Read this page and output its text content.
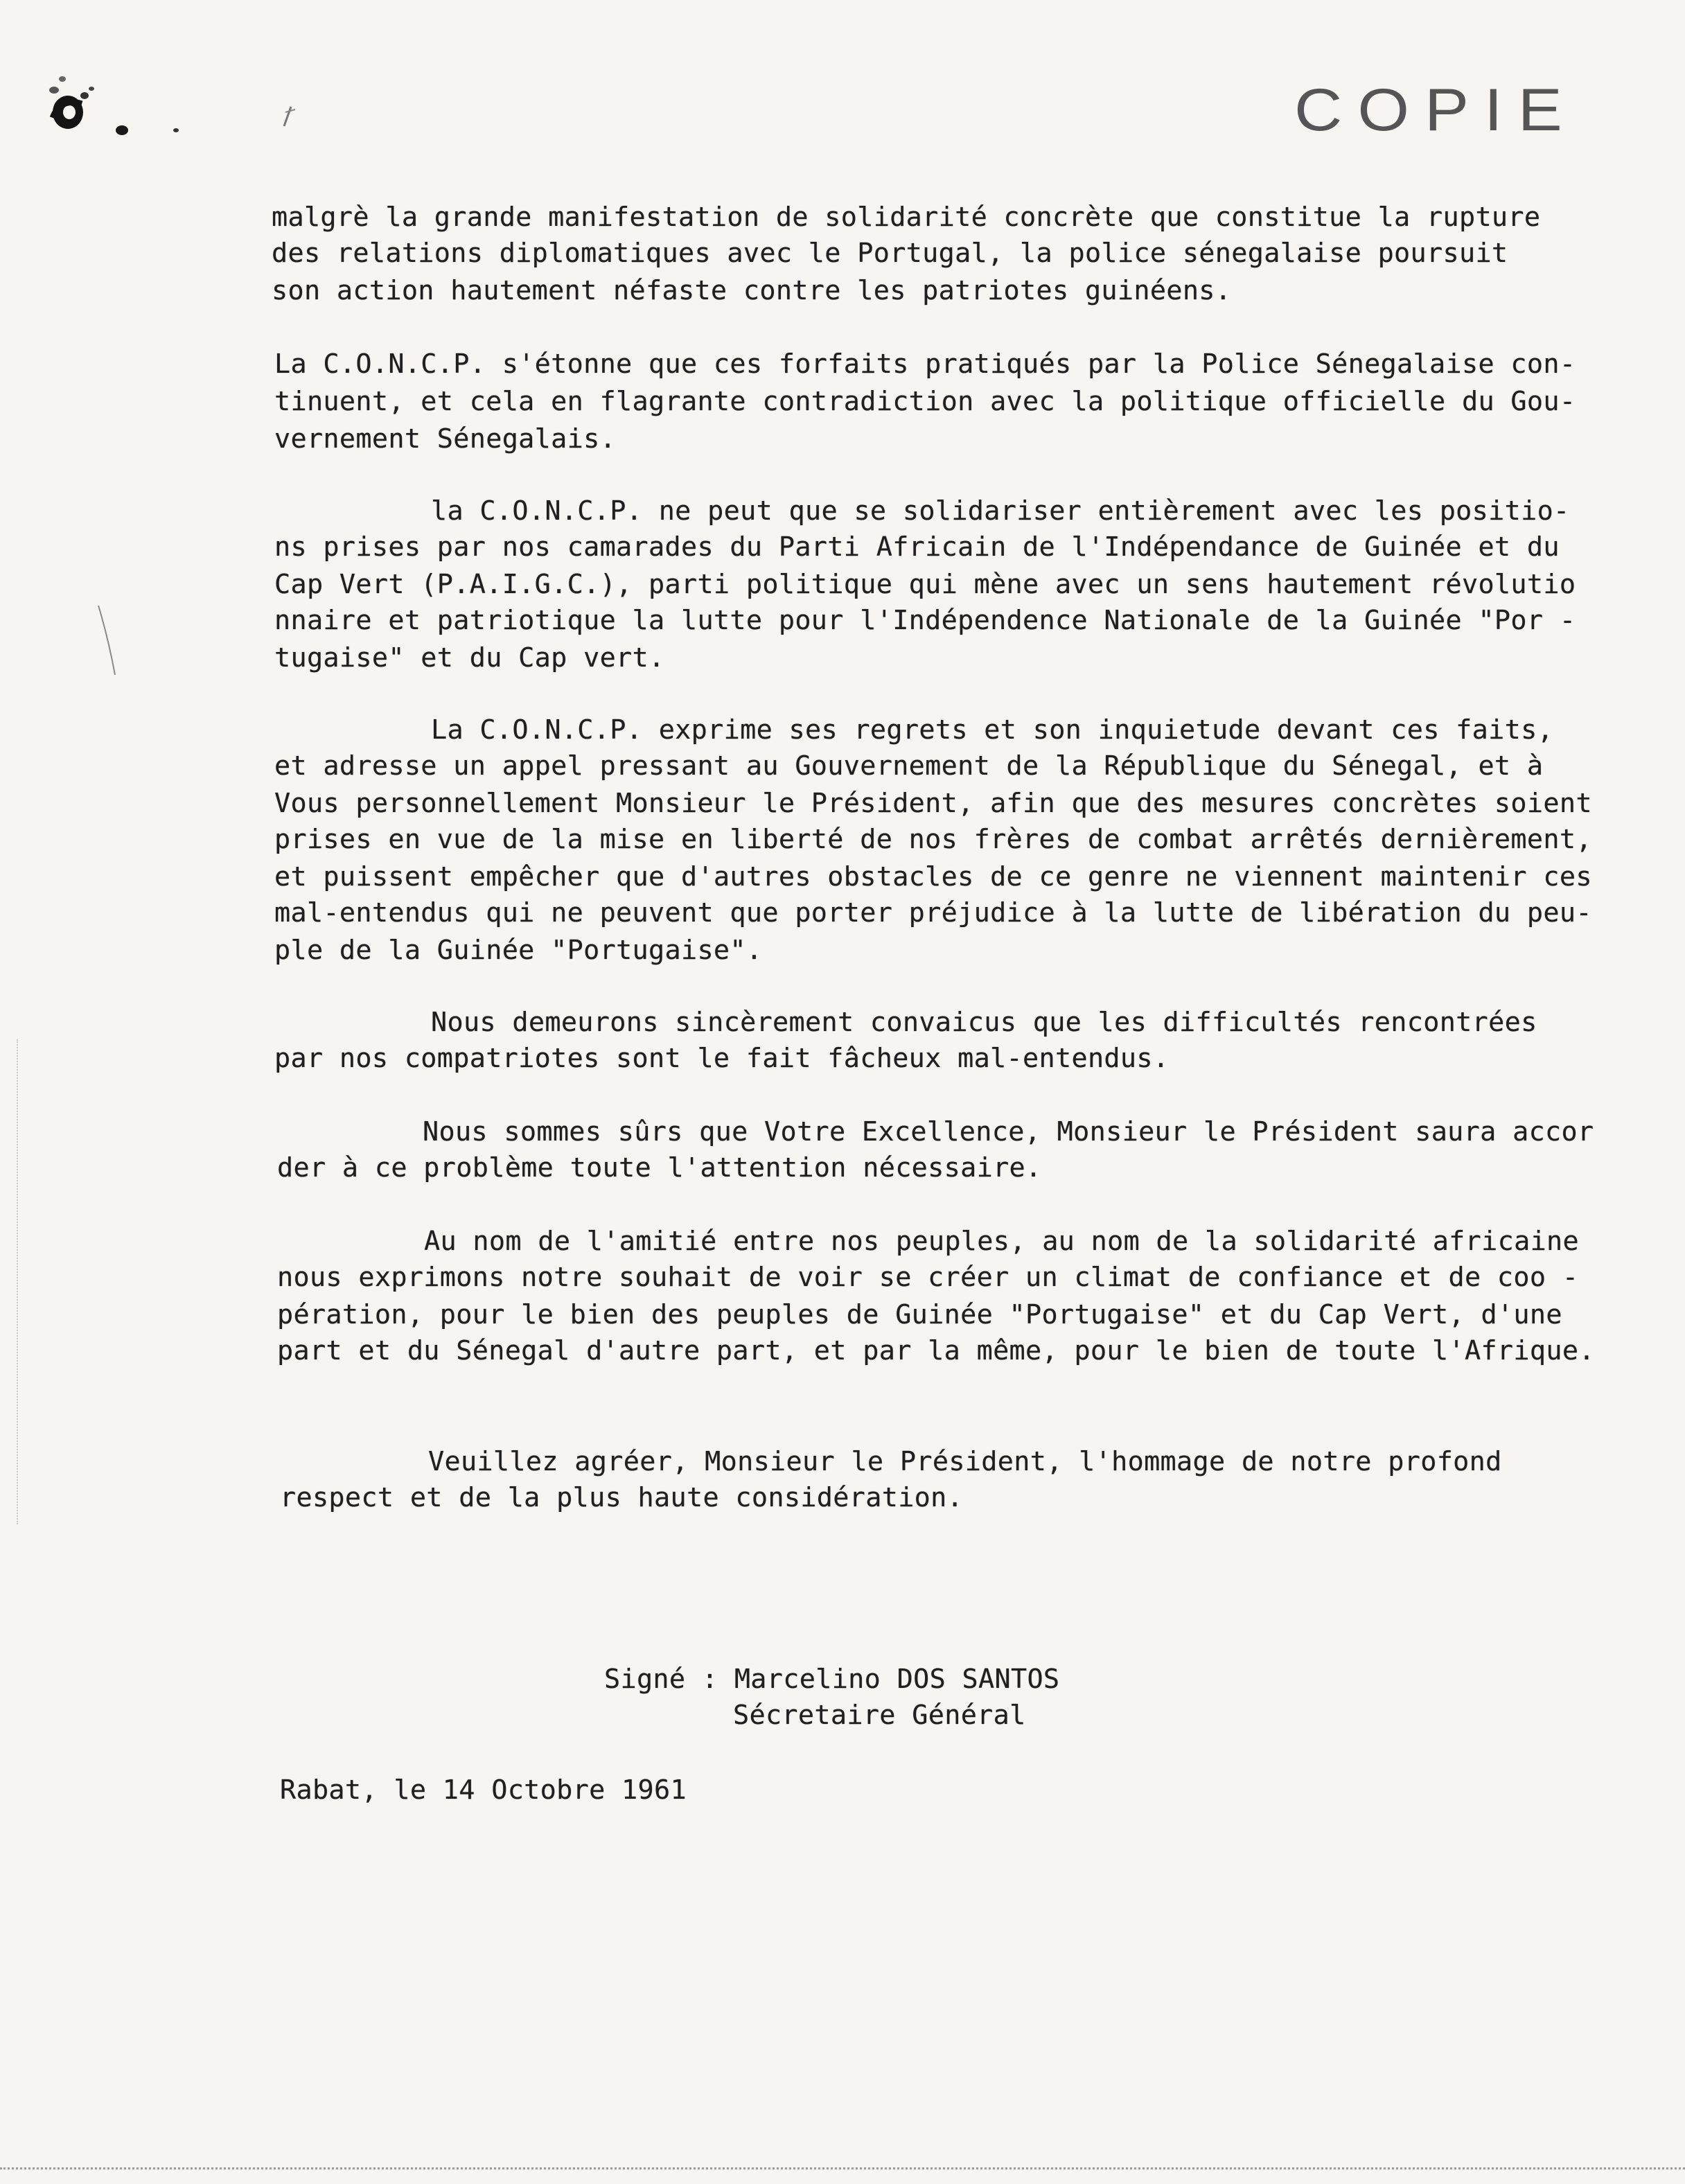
COPIE
malgrè la grande manifestation de solidarité concrète que constitue la rupture
des relations diplomatiques avec le Portugal, la police sénegalaise poursuit
son action hautement néfaste contre les patriotes guinéens.
La C.O.N.C.P. s'étonne que ces forfaits pratiqués par la Police Sénegalaise con-
tinuent, et cela en flagrante contradiction avec la politique officielle du Gou-
vernement Sénegalais.
la C.O.N.C.P. ne peut que se solidariser entièrement avec les positio-
ns prises par nos camarades du Parti Africain de l'Indépendance de Guinée et du
Cap Vert (P.A.I.G.C.), parti politique qui mène avec un sens hautement révolutio
nnaire et patriotique la lutte pour l'Indépendence Nationale de la Guinée "Por -
tugaise" et du Cap vert.
La C.O.N.C.P. exprime ses regrets et son inquietude devant ces faits,
et adresse un appel pressant au Gouvernement de la République du Sénegal, et à
Vous personnellement Monsieur le Président, afin que des mesures concrètes soient
prises en vue de la mise en liberté de nos frères de combat arrêtés dernièrement,
et puissent empêcher que d'autres obstacles de ce genre ne viennent maintenir ces
mal-entendus qui ne peuvent que porter préjudice à la lutte de libération du peu-
ple de la Guinée "Portugaise".
Nous demeurons sincèrement convaicus que les difficultés rencontrées
par nos compatriotes sont le fait fâcheux mal-entendus.
Nous sommes sûrs que Votre Excellence, Monsieur le Président saura accor
der à ce problème toute l'attention nécessaire.
Au nom de l'amitié entre nos peuples, au nom de la solidarité africaine
nous exprimons notre souhait de voir se créer un climat de confiance et de coo -
pération, pour le bien des peuples de Guinée "Portugaise" et du Cap Vert, d'une
part et du Sénegal d'autre part, et par la même, pour le bien de toute l'Afrique.
Veuillez agréer, Monsieur le Président, l'hommage de notre profond
respect et de la plus haute considération.
Signé : Marcelino DOS SANTOS
Sécretaire Général
Rabat, le 14 Octobre 1961
